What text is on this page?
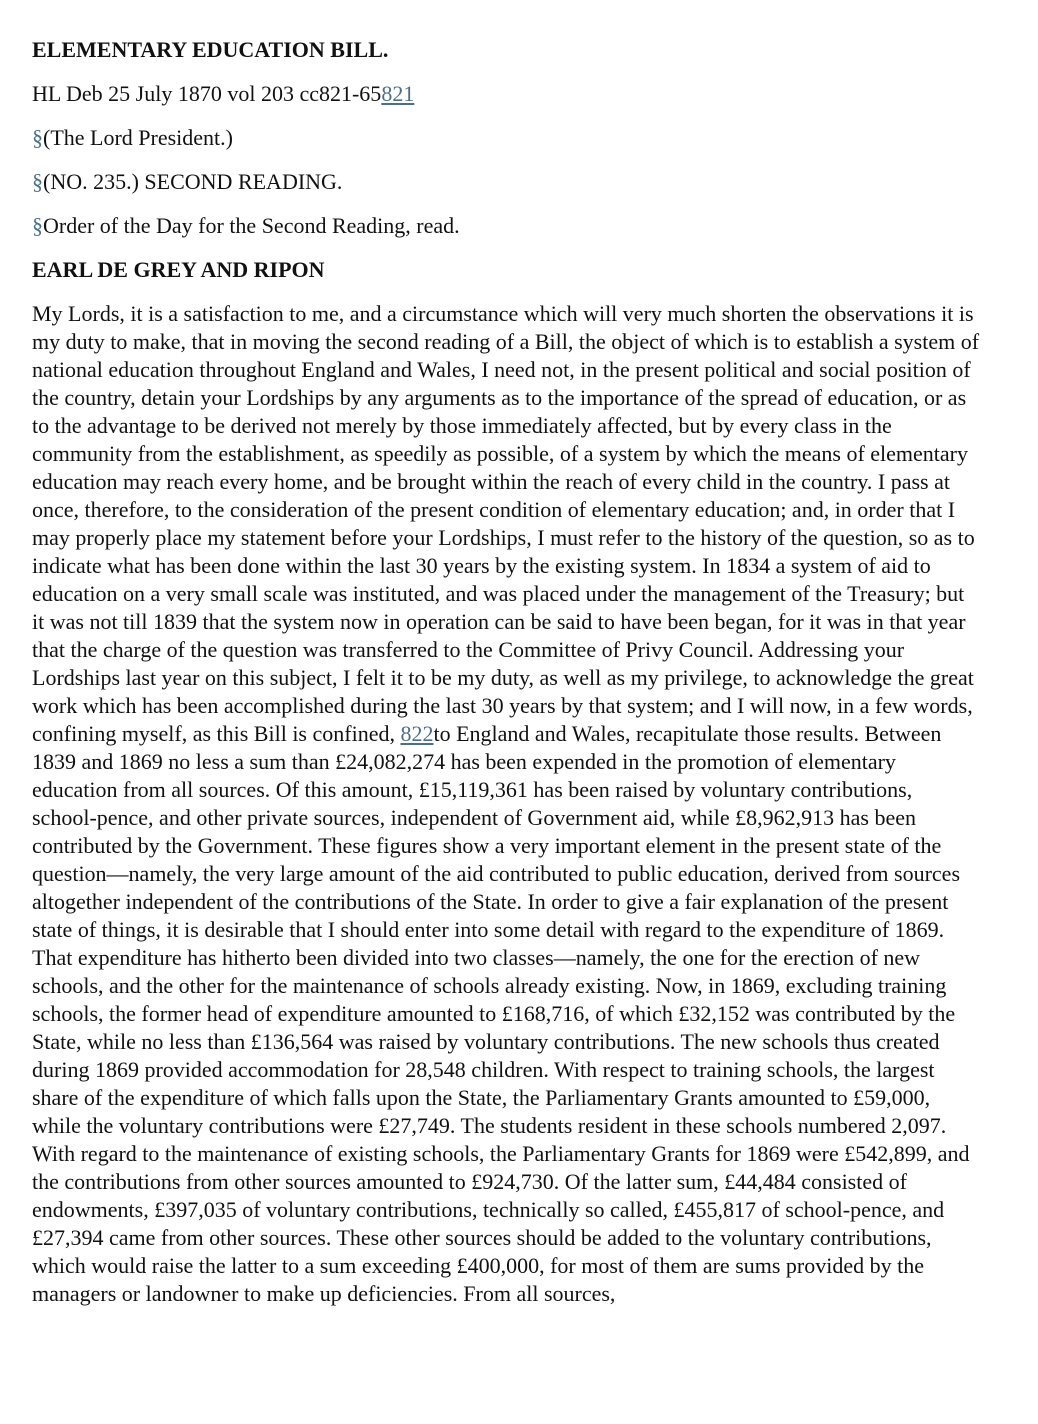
ELEMENTARY EDUCATION BILL.
HL Deb 25 July 1870 vol 203 cc821-65821
§(The Lord President.)
§(NO. 235.) SECOND READING.
§Order of the Day for the Second Reading, read.
EARL DE GREY AND RIPON

My Lords, it is a satisfaction to me, and a circumstance which will very much shorten the observations it is my duty to make, that in moving the second reading of a Bill, the object of which is to establish a system of national education throughout England and Wales, I need not, in the present political and social position of the country, detain your Lordships by any arguments as to the importance of the spread of education, or as to the advantage to be derived not merely by those immediately affected, but by every class in the community from the establishment, as speedily as possible, of a system by which the means of elementary education may reach every home, and be brought within the reach of every child in the country. I pass at once, therefore, to the consideration of the present condition of elementary education; and, in order that I may properly place my statement before your Lordships, I must refer to the history of the question, so as to indicate what has been done within the last 30 years by the existing system. In 1834 a system of aid to education on a very small scale was instituted, and was placed under the management of the Treasury; but it was not till 1839 that the system now in operation can be said to have been began, for it was in that year that the charge of the question was transferred to the Committee of Privy Council. Addressing your Lordships last year on this subject, I felt it to be my duty, as well as my privilege, to acknowledge the great work which has been accomplished during the last 30 years by that system; and I will now, in a few words, confining myself, as this Bill is confined, 822to England and Wales, recapitulate those results. Between 1839 and 1869 no less a sum than £24,082,274 has been expended in the promotion of elementary education from all sources. Of this amount, £15,119,361 has been raised by voluntary contributions, school-pence, and other private sources, independent of Government aid, while £8,962,913 has been contributed by the Government. These figures show a very important element in the present state of the question—namely, the very large amount of the aid contributed to public education, derived from sources altogether independent of the contributions of the State. In order to give a fair explanation of the present state of things, it is desirable that I should enter into some detail with regard to the expenditure of 1869. That expenditure has hitherto been divided into two classes—namely, the one for the erection of new schools, and the other for the maintenance of schools already existing. Now, in 1869, excluding training schools, the former head of expenditure amounted to £168,716, of which £32,152 was contributed by the State, while no less than £136,564 was raised by voluntary contributions. The new schools thus created during 1869 provided accommodation for 28,548 children. With respect to training schools, the largest share of the expenditure of which falls upon the State, the Parliamentary Grants amounted to £59,000, while the voluntary contributions were £27,749. The students resident in these schools numbered 2,097. With regard to the maintenance of existing schools, the Parliamentary Grants for 1869 were £542,899, and the contributions from other sources amounted to £924,730. Of the latter sum, £44,484 consisted of endowments, £397,035 of voluntary contributions, technically so called, £455,817 of school-pence, and £27,394 came from other sources. These other sources should be added to the voluntary contributions, which would raise the latter to a sum exceeding £400,000, for most of them are sums provided by the managers or landowner to make up deficiencies. From all sources,
